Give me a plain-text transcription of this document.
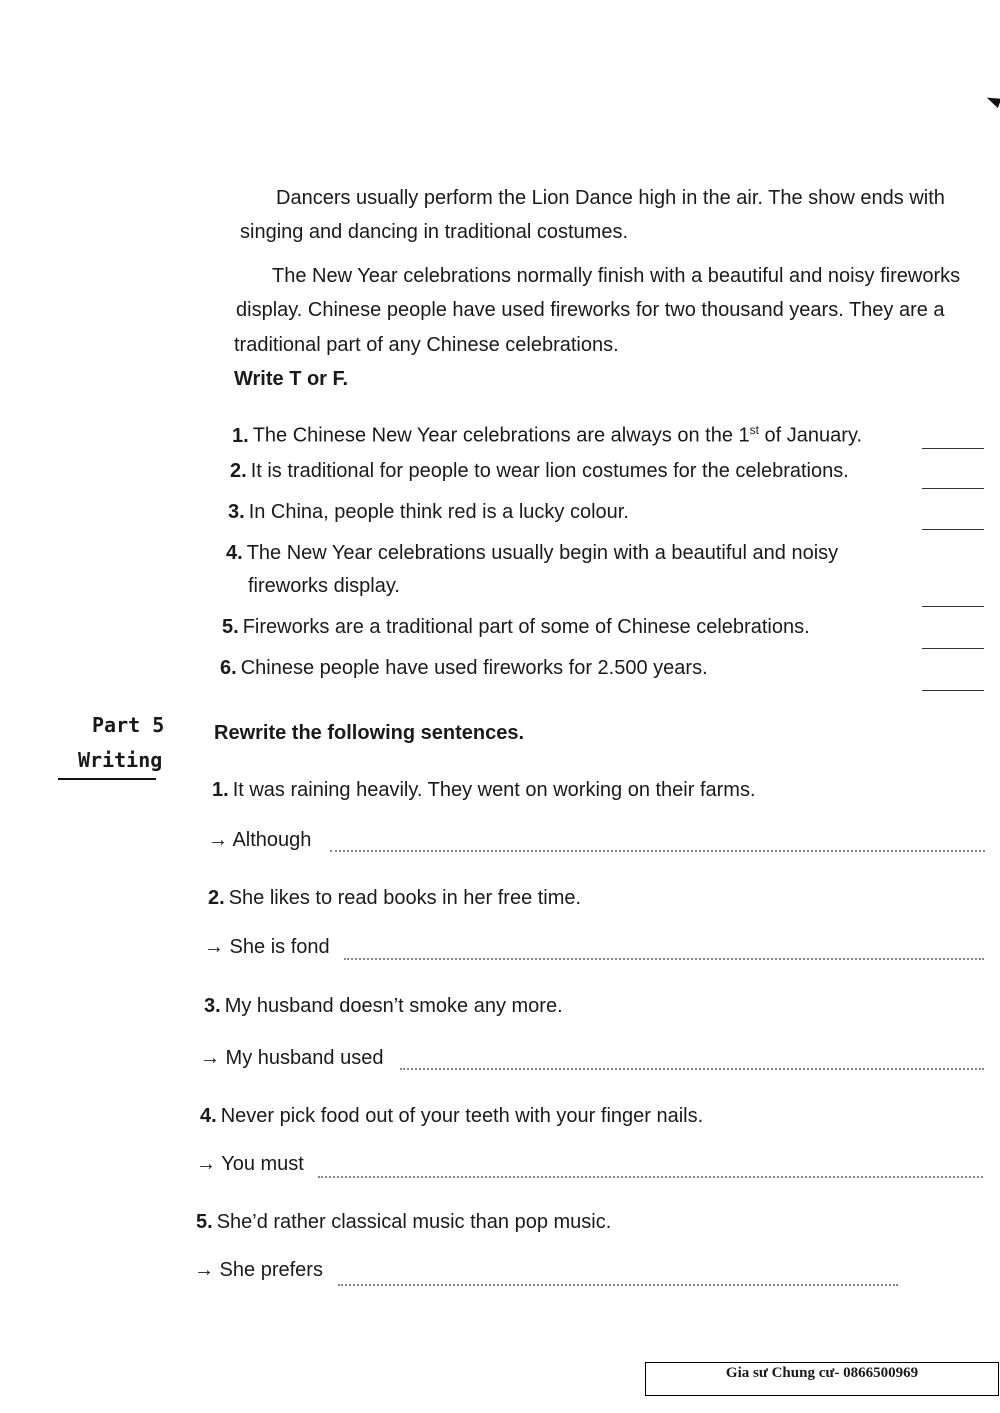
Dancers usually perform the Lion Dance high in the air. The show ends with
singing and dancing in traditional costumes.
The New Year celebrations normally finish with a beautiful and noisy fireworks
display. Chinese people have used fireworks for two thousand years. They are a
traditional part of any Chinese celebrations.
Write T or F.
1. The Chinese New Year celebrations are always on the 1st of January.
2. It is traditional for people to wear lion costumes for the celebrations.
3. In China, people think red is a lucky colour.
4. The New Year celebrations usually begin with a beautiful and noisy
fireworks display.
5. Fireworks are a traditional part of some of Chinese celebrations.
6. Chinese people have used fireworks for 2.500 years.
Part 5
Writing
Rewrite the following sentences.
1. It was raining heavily. They went on working on their farms.
→ Although
2. She likes to read books in her free time.
→ She is fond
3. My husband doesn’t smoke any more.
→ My husband used
4. Never pick food out of your teeth with your finger nails.
→ You must
5. She’d rather classical music than pop music.
→ She prefers
Gia sư Chung cư- 0866500969
